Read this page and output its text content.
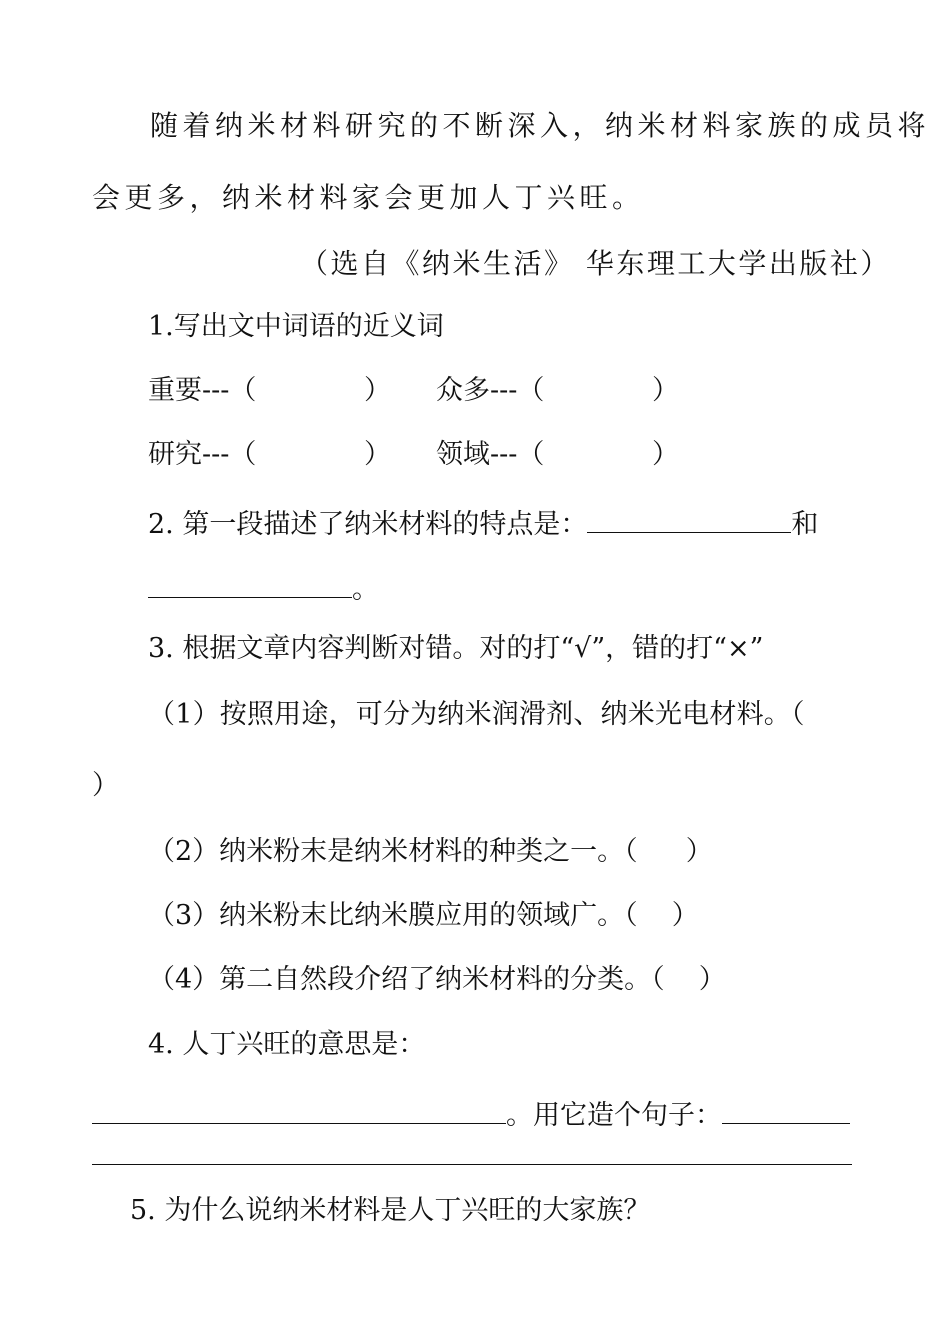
随着纳米材料研究的不断深入，纳米材料家族的成员将
会更多，纳米材料家会更加人丁兴旺。
（选自《纳米生活》 华东理工大学出版社）
1.写出文中词语的近义词
重要---（	） 众多---（	）
研究---（	） 领域---（	）
2. 第一段描述了纳米材料的特点是：	和
。
3. 根据文章内容判断对错。对的打“√”，错的打“×”
（1）按照用途，可分为纳米润滑剂、纳米光电材料。（
）
（2）纳米粉末是纳米材料的种类之一。（ ）
（3）纳米粉末比纳米膜应用的领域广。（ ）
（4）第二自然段介绍了纳米材料的分类。（ ）
4. 人丁兴旺的意思是：
。用它造个句子：
5. 为什么说纳米材料是人丁兴旺的大家族？
